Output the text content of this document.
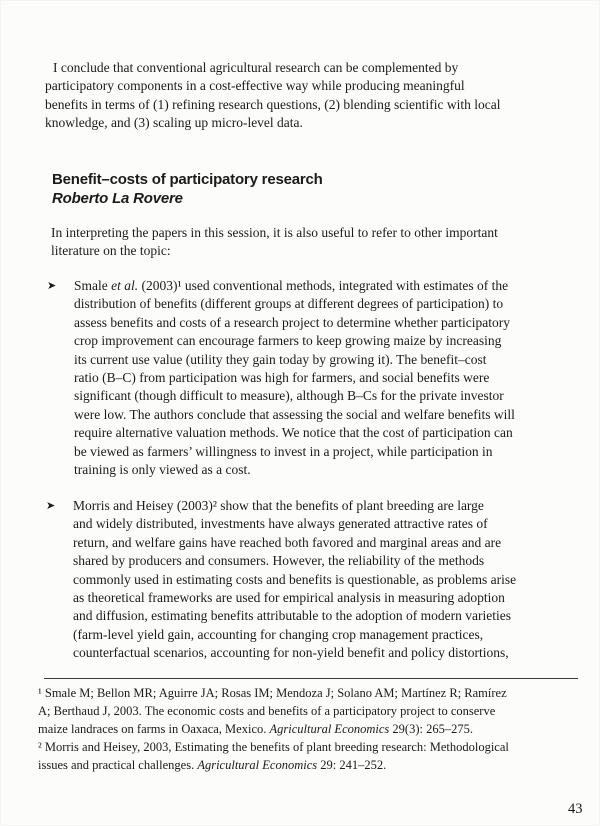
I conclude that conventional agricultural research can be complemented by
participatory components in a cost-effective way while producing meaningful
benefits in terms of (1) refining research questions, (2) blending scientific with local
knowledge, and (3) scaling up micro-level data.
Benefit–costs of participatory research
Roberto La Rovere
In interpreting the papers in this session, it is also useful to refer to other important
literature on the topic:
➤ Smale et al. (2003)¹ used conventional methods, integrated with estimates of the
distribution of benefits (different groups at different degrees of participation) to
assess benefits and costs of a research project to determine whether participatory
crop improvement can encourage farmers to keep growing maize by increasing
its current use value (utility they gain today by growing it). The benefit–cost
ratio (B–C) from participation was high for farmers, and social benefits were
significant (though difficult to measure), although B–Cs for the private investor
were low. The authors conclude that assessing the social and welfare benefits will
require alternative valuation methods. We notice that the cost of participation can
be viewed as farmers’ willingness to invest in a project, while participation in
training is only viewed as a cost.
➤ Morris and Heisey (2003)² show that the benefits of plant breeding are large
and widely distributed, investments have always generated attractive rates of
return, and welfare gains have reached both favored and marginal areas and are
shared by producers and consumers. However, the reliability of the methods
commonly used in estimating costs and benefits is questionable, as problems arise
as theoretical frameworks are used for empirical analysis in measuring adoption
and diffusion, estimating benefits attributable to the adoption of modern varieties
(farm-level yield gain, accounting for changing crop management practices,
counterfactual scenarios, accounting for non-yield benefit and policy distortions,
¹ Smale M; Bellon MR; Aguirre JA; Rosas IM; Mendoza J; Solano AM; Martínez R; Ramírez
A; Berthaud J, 2003. The economic costs and benefits of a participatory project to conserve
maize landraces on farms in Oaxaca, Mexico. Agricultural Economics 29(3): 265–275.
² Morris and Heisey, 2003, Estimating the benefits of plant breeding research: Methodological
issues and practical challenges. Agricultural Economics 29: 241–252.
43
